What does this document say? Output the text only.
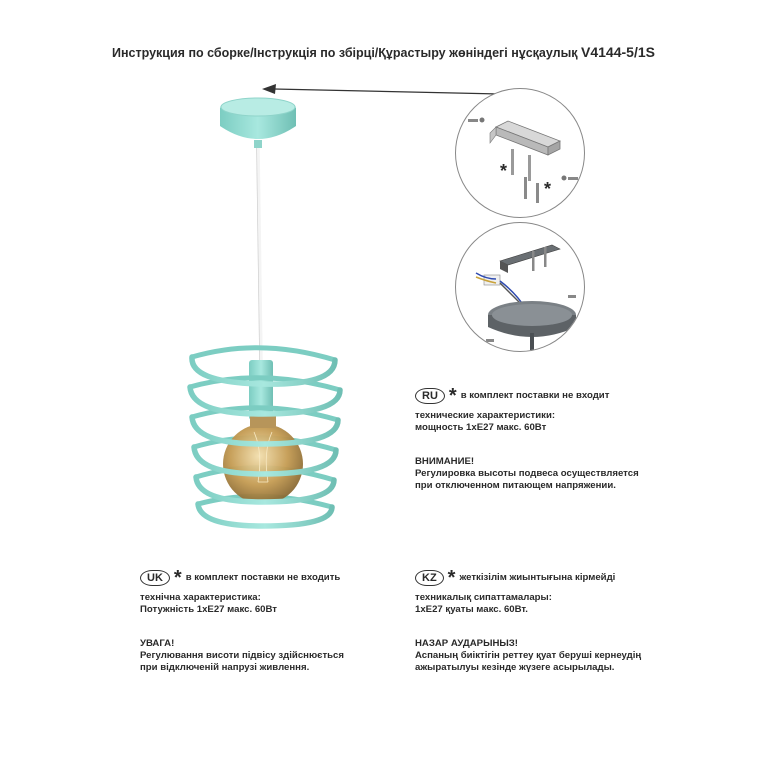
Инструкция по сборке/Інструкція по збірці/Құрастыру жөніндегі нұсқаулық V4144-5/1S
*
*
RU * в комплект поставки не входит
технические характеристики:
мощность 1хЕ27 макс. 60Вт
ВНИМАНИЕ!
Регулировка высоты подвеса осуществляется
при отключенном питающем напряжении.
UK * в комплект поставки не входить
технічна характеристика:
Потужність 1хЕ27 макс. 60Вт
УВАГА!
Регулювання висоти підвісу здійснюється
при відключеній напрузі живлення.
KZ * жеткізілім жиынтығына кірмейді
техникалық сипаттамалары:
1хЕ27 қуаты макс. 60Вт.
НАЗАР АУДАРЫНЫЗ!
Аспаның биіктігін реттеу қуат беруші кернеудің
ажыратылуы кезінде жүзеге асырылады.
